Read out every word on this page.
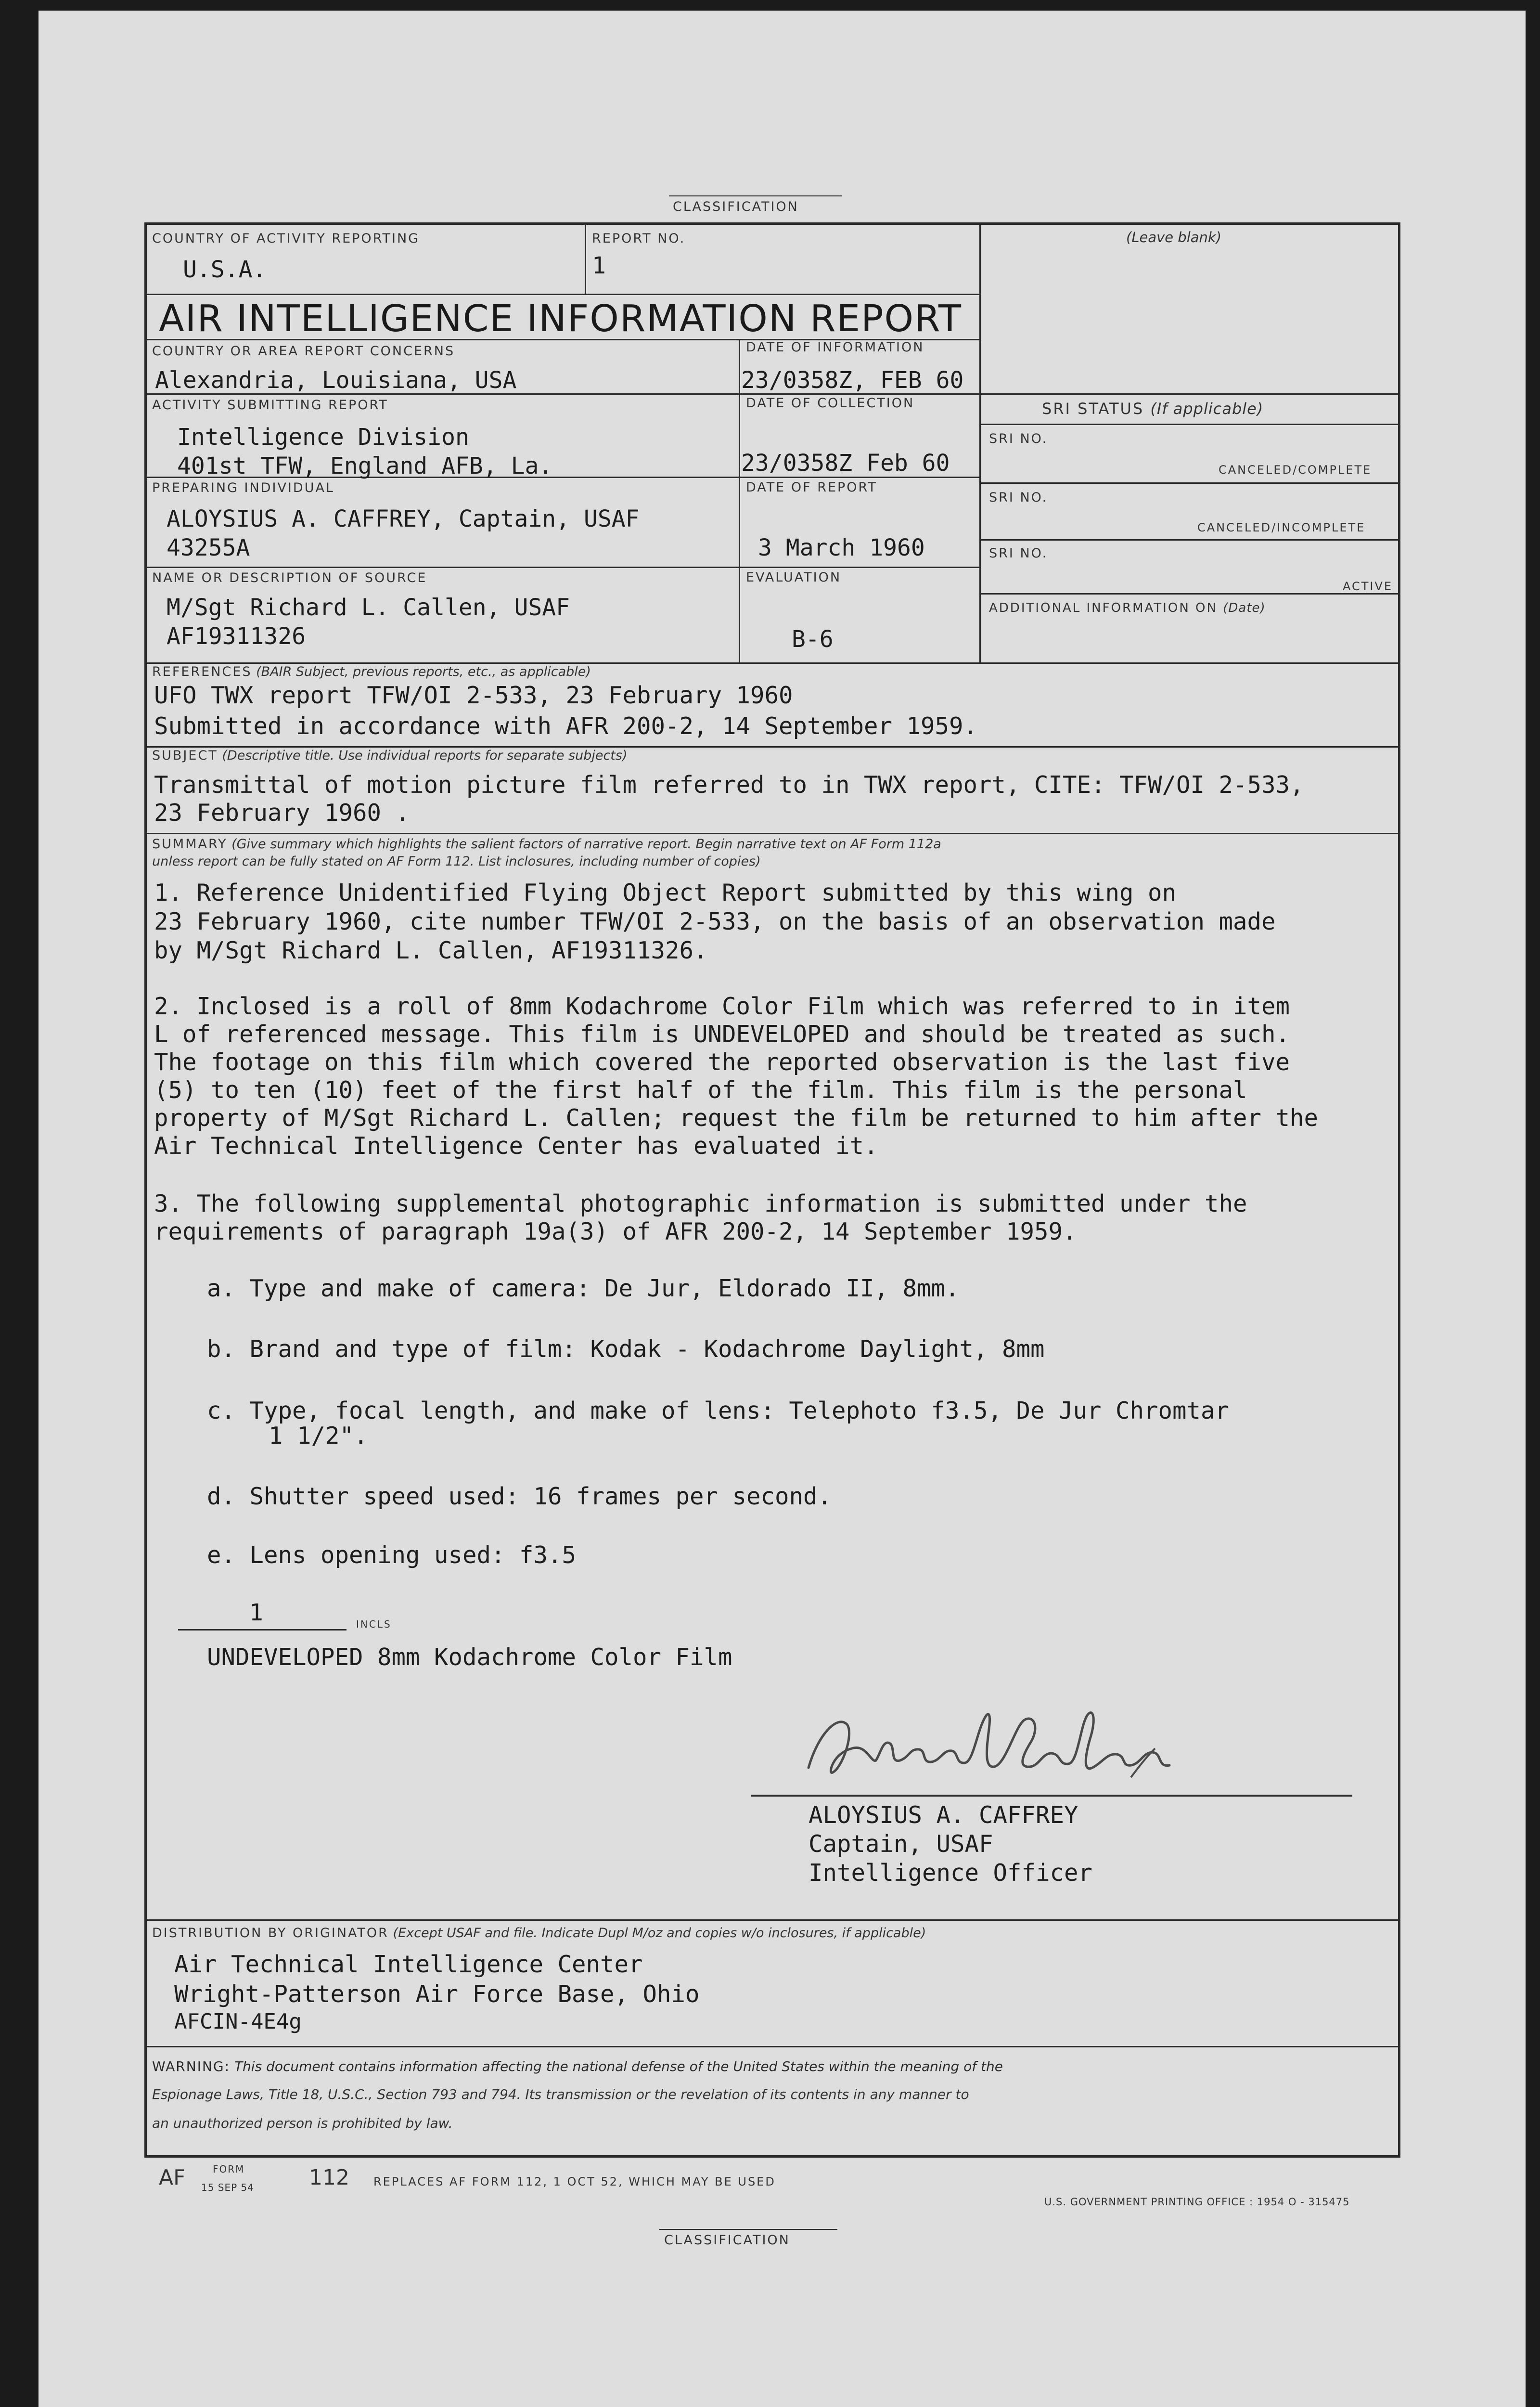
CLASSIFICATION
COUNTRY OF ACTIVITY REPORTING
U.S.A.
REPORT NO.
1
(Leave blank)
AIR INTELLIGENCE INFORMATION REPORT
COUNTRY OR AREA REPORT CONCERNS
Alexandria, Louisiana, USA
DATE OF INFORMATION
23/0358Z, FEB 60
ACTIVITY SUBMITTING REPORT
Intelligence Division
401st TFW, England AFB, La.
DATE OF COLLECTION
23/0358Z Feb 60
PREPARING INDIVIDUAL
ALOYSIUS A. CAFFREY, Captain, USAF
43255A
DATE OF REPORT
3 March 1960
NAME OR DESCRIPTION OF SOURCE
M/Sgt Richard L. Callen, USAF
AF19311326
EVALUATION
B-6
SRI STATUS (If applicable)
SRI NO.
CANCELED/COMPLETE
SRI NO.
CANCELED/INCOMPLETE
SRI NO.
ACTIVE
ADDITIONAL INFORMATION ON (Date)
REFERENCES (BAIR Subject, previous reports, etc., as applicable)
UFO TWX report TFW/OI 2-533, 23 February 1960
Submitted in accordance with AFR 200-2, 14 September 1959.
SUBJECT (Descriptive title. Use individual reports for separate subjects)
Transmittal of motion picture film referred to in TWX report, CITE: TFW/OI 2-533,
23 February 1960 .
SUMMARY (Give summary which highlights the salient factors of narrative report. Begin narrative text on AF Form 112a
unless report can be fully stated on AF Form 112. List inclosures, including number of copies)
1. Reference Unidentified Flying Object Report submitted by this wing on
23 February 1960, cite number TFW/OI 2-533, on the basis of an observation made
by M/Sgt Richard L. Callen, AF19311326.
2. Inclosed is a roll of 8mm Kodachrome Color Film which was referred to in item
L of referenced message. This film is UNDEVELOPED and should be treated as such.
The footage on this film which covered the reported observation is the last five
(5) to ten (10) feet of the first half of the film. This film is the personal
property of M/Sgt Richard L. Callen; request the film be returned to him after the
Air Technical Intelligence Center has evaluated it.
3. The following supplemental photographic information is submitted under the
requirements of paragraph 19a(3) of AFR 200-2, 14 September 1959.
a. Type and make of camera: De Jur, Eldorado II, 8mm.
b. Brand and type of film: Kodak - Kodachrome Daylight, 8mm
c. Type, focal length, and make of lens: Telephoto f3.5, De Jur Chromtar
1 1/2".
d. Shutter speed used: 16 frames per second.
e. Lens opening used: f3.5
1	INCLS
UNDEVELOPED 8mm Kodachrome Color Film
ALOYSIUS A. CAFFREY
Captain, USAF
Intelligence Officer
DISTRIBUTION BY ORIGINATOR (Except USAF and file. Indicate Dupl M/oz and copies w/o inclosures, if applicable)
Air Technical Intelligence Center
Wright-Patterson Air Force Base, Ohio
AFCIN-4E4g
WARNING: This document contains information affecting the national defense of the United States within the meaning of the
Espionage Laws, Title 18, U.S.C., Section 793 and 794. Its transmission or the revelation of its contents in any manner to
an unauthorized person is prohibited by law.
AF	FORM
15 SEP 54	112 REPLACES AF FORM 112, 1 OCT 52, WHICH MAY BE USED
U.S. GOVERNMENT PRINTING OFFICE : 1954 O - 315475
CLASSIFICATION
